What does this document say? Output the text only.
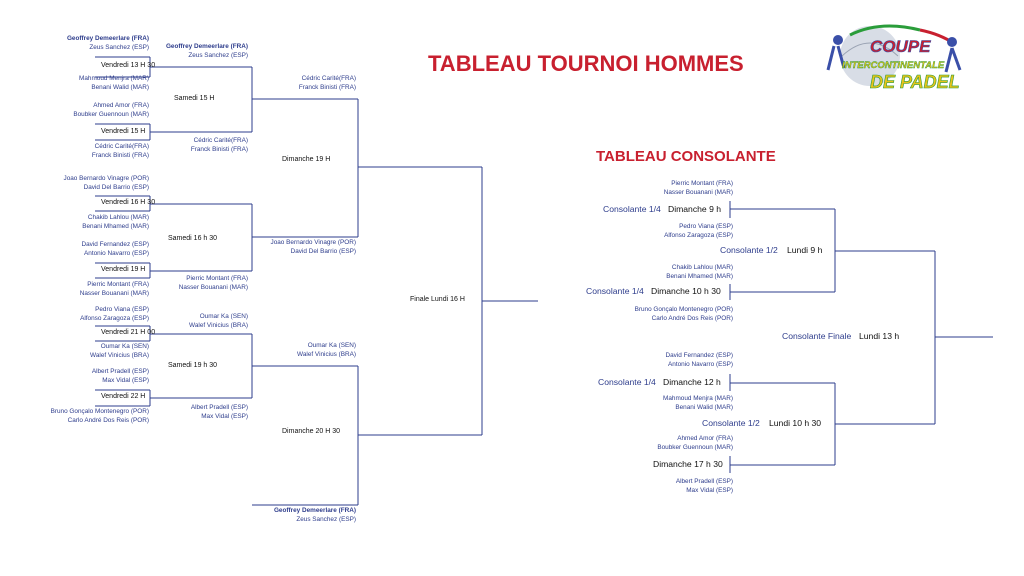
TABLEAU TOURNOI HOMMES
TABLEAU CONSOLANTE
COUPE
INTERCONTINENTALE
DE PADEL
Geoffrey Demeerlare (FRA)
Zeus Sanchez (ESP)
Mahmoud Menjra (MAR)
Benani Walid (MAR)
Ahmed Amor (FRA)
Boubker Guennoun (MAR)
Cédric Carité(FRA)
Franck Binisti (FRA)
Joao Bernardo Vinagre (POR)
David Del Barrio (ESP)
Chakib Lahlou (MAR)
Benani Mhamed (MAR)
David Fernandez (ESP)
Antonio Navarro (ESP)
Pierric Montant (FRA)
Nasser Bouanani (MAR)
Pedro Viana (ESP)
Alfonso Zaragoza (ESP)
Oumar Ka (SEN)
Walef Vinicius (BRA)
Albert Pradell (ESP)
Max Vidal (ESP)
Bruno Gonçalo Montenegro (POR)
Carlo André Dos Reis (POR)
Vendredi 13 H 30
Vendredi 15 H
Vendredi 16 H 30
Vendredi 19 H
Vendredi 21 H 00
Vendredi 22 H
Geoffrey Demeerlare (FRA)
Zeus Sanchez (ESP)
Cédric Carité(FRA)
Franck Binisti (FRA)
Pierric Montant (FRA)
Nasser Bouanani (MAR)
Oumar Ka (SEN)
Walef Vinicius (BRA)
Albert Pradell (ESP)
Max Vidal (ESP)
Samedi 15 H
Samedi 16 h 30
Samedi 19 h 30
Cédric Carité(FRA)
Franck Binisti (FRA)
Joao Bernardo Vinagre (POR)
David Del Barrio (ESP)
Oumar Ka (SEN)
Walef Vinicius (BRA)
Geoffrey Demeerlare (FRA)
Zeus Sanchez (ESP)
Dimanche 19 H
Dimanche 20 H 30
Finale Lundi 16 H
Pierric Montant (FRA)
Nasser Bouanani (MAR)
Pedro Viana (ESP)
Alfonso Zaragoza (ESP)
Chakib Lahlou (MAR)
Benani Mhamed (MAR)
Bruno Gonçalo Montenegro (POR)
Carlo André Dos Reis (POR)
David Fernandez (ESP)
Antonio Navarro (ESP)
Mahmoud Menjra (MAR)
Benani Walid (MAR)
Ahmed Amor (FRA)
Boubker Guennoun (MAR)
Albert Pradell (ESP)
Max Vidal (ESP)
Consolante 1/4 Dimanche 9 h
Consolante 1/4 Dimanche 10 h 30
Consolante 1/4 Dimanche 12 h
Dimanche 17 h 30
Consolante 1/2 Lundi 9 h
Consolante 1/2 Lundi 10 h 30
Consolante Finale Lundi 13 h
